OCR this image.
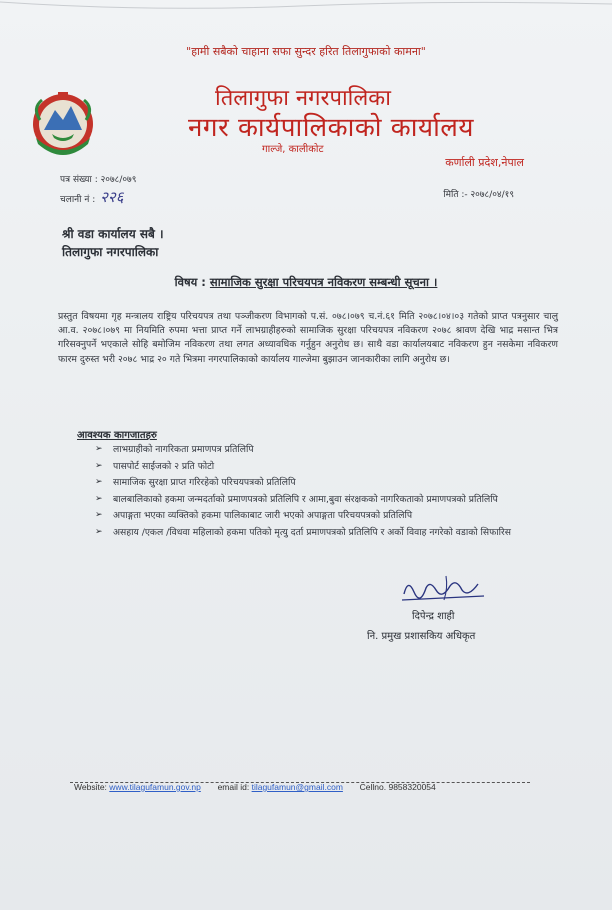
"हामी सबैको चाहाना सफा सुन्दर हरित तिलागुफाको कामना"
तिलागुफा नगरपालिका
नगर कार्यपालिकाको कार्यालय
गाल्जे, कालीकोट
कर्णाली प्रदेश,नेपाल
पत्र संख्या : २०७८/०७९
चलानी नं : २२६	मिति :- २०७८/०४/१९
श्री वडा कार्यालय सबै ।
तिलागुफा नगरपालिका
विषय : सामाजिक सुरक्षा परिचयपत्र नविकरण सम्बन्धी सूचना ।
प्रस्तुत विषयमा गृह मन्त्रालय राष्ट्रिय परिचयपत्र तथा पञ्जीकरण विभागको प.सं. ०७८।०७९ च.नं.६१ मिति २०७८।०४।०३ गतेको प्राप्त पत्रनुसार चालु आ.व. २०७८।०७९ मा नियमिति रुपमा भत्ता प्राप्त गर्ने लाभग्राहीहरुको सामाजिक सुरक्षा परिचयपत्र नविकरण २०७८ श्रावण देखि भाद्र मसान्त भित्र गरिसक्नुपर्ने भएकाले सोहि बमोजिम नविकरण तथा लगत अध्यावधिक गर्नुहुन अनुरोध छ। साथै वडा कार्यालयबाट नविकरण हुन नसकेमा नविकरण फारम दुरुस्त भरी २०७८ भाद्र २० गते भित्रमा नगरपालिकाको कार्यालय गाल्जेमा बुझाउन जानकारीका लागि अनुरोध छ।
आवश्यक कागजातहरु
➢ लाभग्राहीको नागरिकता प्रमाणपत्र प्रतिलिपि
➢ पासपोर्ट साईजको २ प्रति फोटो
➢ सामाजिक सुरक्षा प्राप्त गरिरहेको परिचयपत्रको प्रतिलिपि
➢ बालबालिकाको हकमा जन्मदर्ताको प्रमाणपत्रको प्रतिलिपि र आमा,बुवा संरक्षकको नागरिकताको प्रमाणपत्रको प्रतिलिपि
➢ अपाङ्गता भएका व्यक्तिको हकमा पालिकाबाट जारी भएको अपाङ्गता परिचयपत्रको प्रतिलिपि
➢ असहाय /एकल /विधवा महिलाको हकमा पतिको मृत्यु दर्ता प्रमाणपत्रको प्रतिलिपि र अर्को विवाह नगरेको वडाको सिफारिस
दिपेन्द्र शाही
नि. प्रमुख प्रशासकिय अधिकृत
Website: www.tilagufamun.gov.np email id: tilagufamun@gmail.com Cellno. 9858320054
